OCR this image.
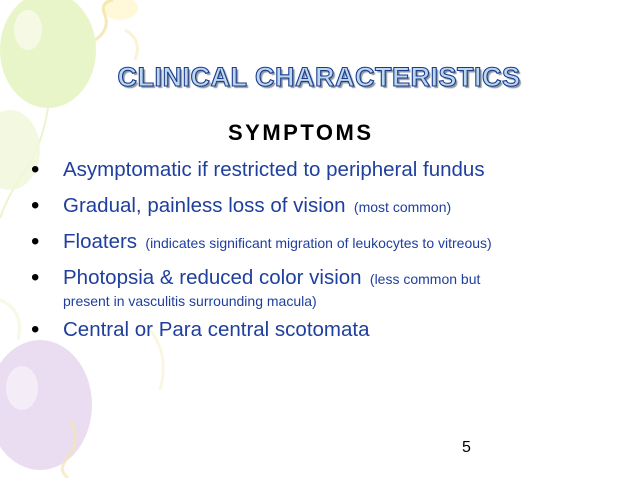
CLINICAL CHARACTERISTICS
SYMPTOMS
• Asymptomatic if restricted to peripheral fundus
• Gradual, painless loss of vision  (most common)
• Floaters  (indicates significant migration of leukocytes to vitreous)
• Photopsia & reduced color vision  (less common but
present in vasculitis surrounding macula)
• Central or Para central scotomata
5
